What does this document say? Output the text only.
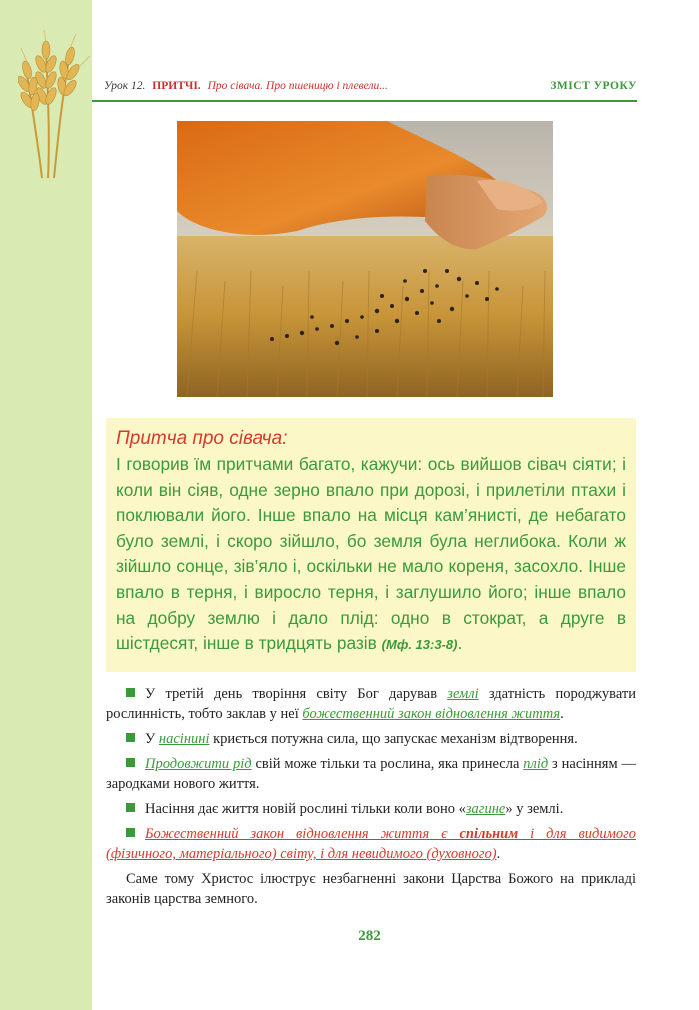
Урок 12. ПРИТЧІ. Про сівача. Про пшеницю і плевели...	ЗМІСТ УРОКУ
Притча про сівача:
І говорив їм притчами багато, кажучи: ось вийшов сівач сіяти; і коли він сіяв, одне зерно впало при дорозі, і прилетіли птахи і поклювали його. Інше впало на місця кам’янисті, де небагато було землі, і скоро зійшло, бо земля була неглибока. Коли ж зійшло сонце, зів’яло і, оскільки не мало кореня, засохло. Інше впало в терня, і виросло терня, і заглушило його; інше впало на добру землю і дало плід: одно в стократ, а друге в шістдесят, інше в тридцять разів (Мф. 13:3-8).

У третій день творіння світу Бог дарував землі здатність породжувати рослинність, тобто заклав у неї божественний закон відновлення життя.

У насінині криється потужна сила, що запускає механізм відтворення.

Продовжити рід свій може тільки та рослина, яка принесла плід з насінням — зародками нового життя.

Насіння дає життя новій рослині тільки коли воно «загине» у землі.

Божественний закон відновлення життя є спільним і для видимого (фізичного, матеріального) світу, і для невидимого (духовного).

Саме тому Христос ілюструє незбагненні закони Царства Божого на прикладі законів царства земного.

282
